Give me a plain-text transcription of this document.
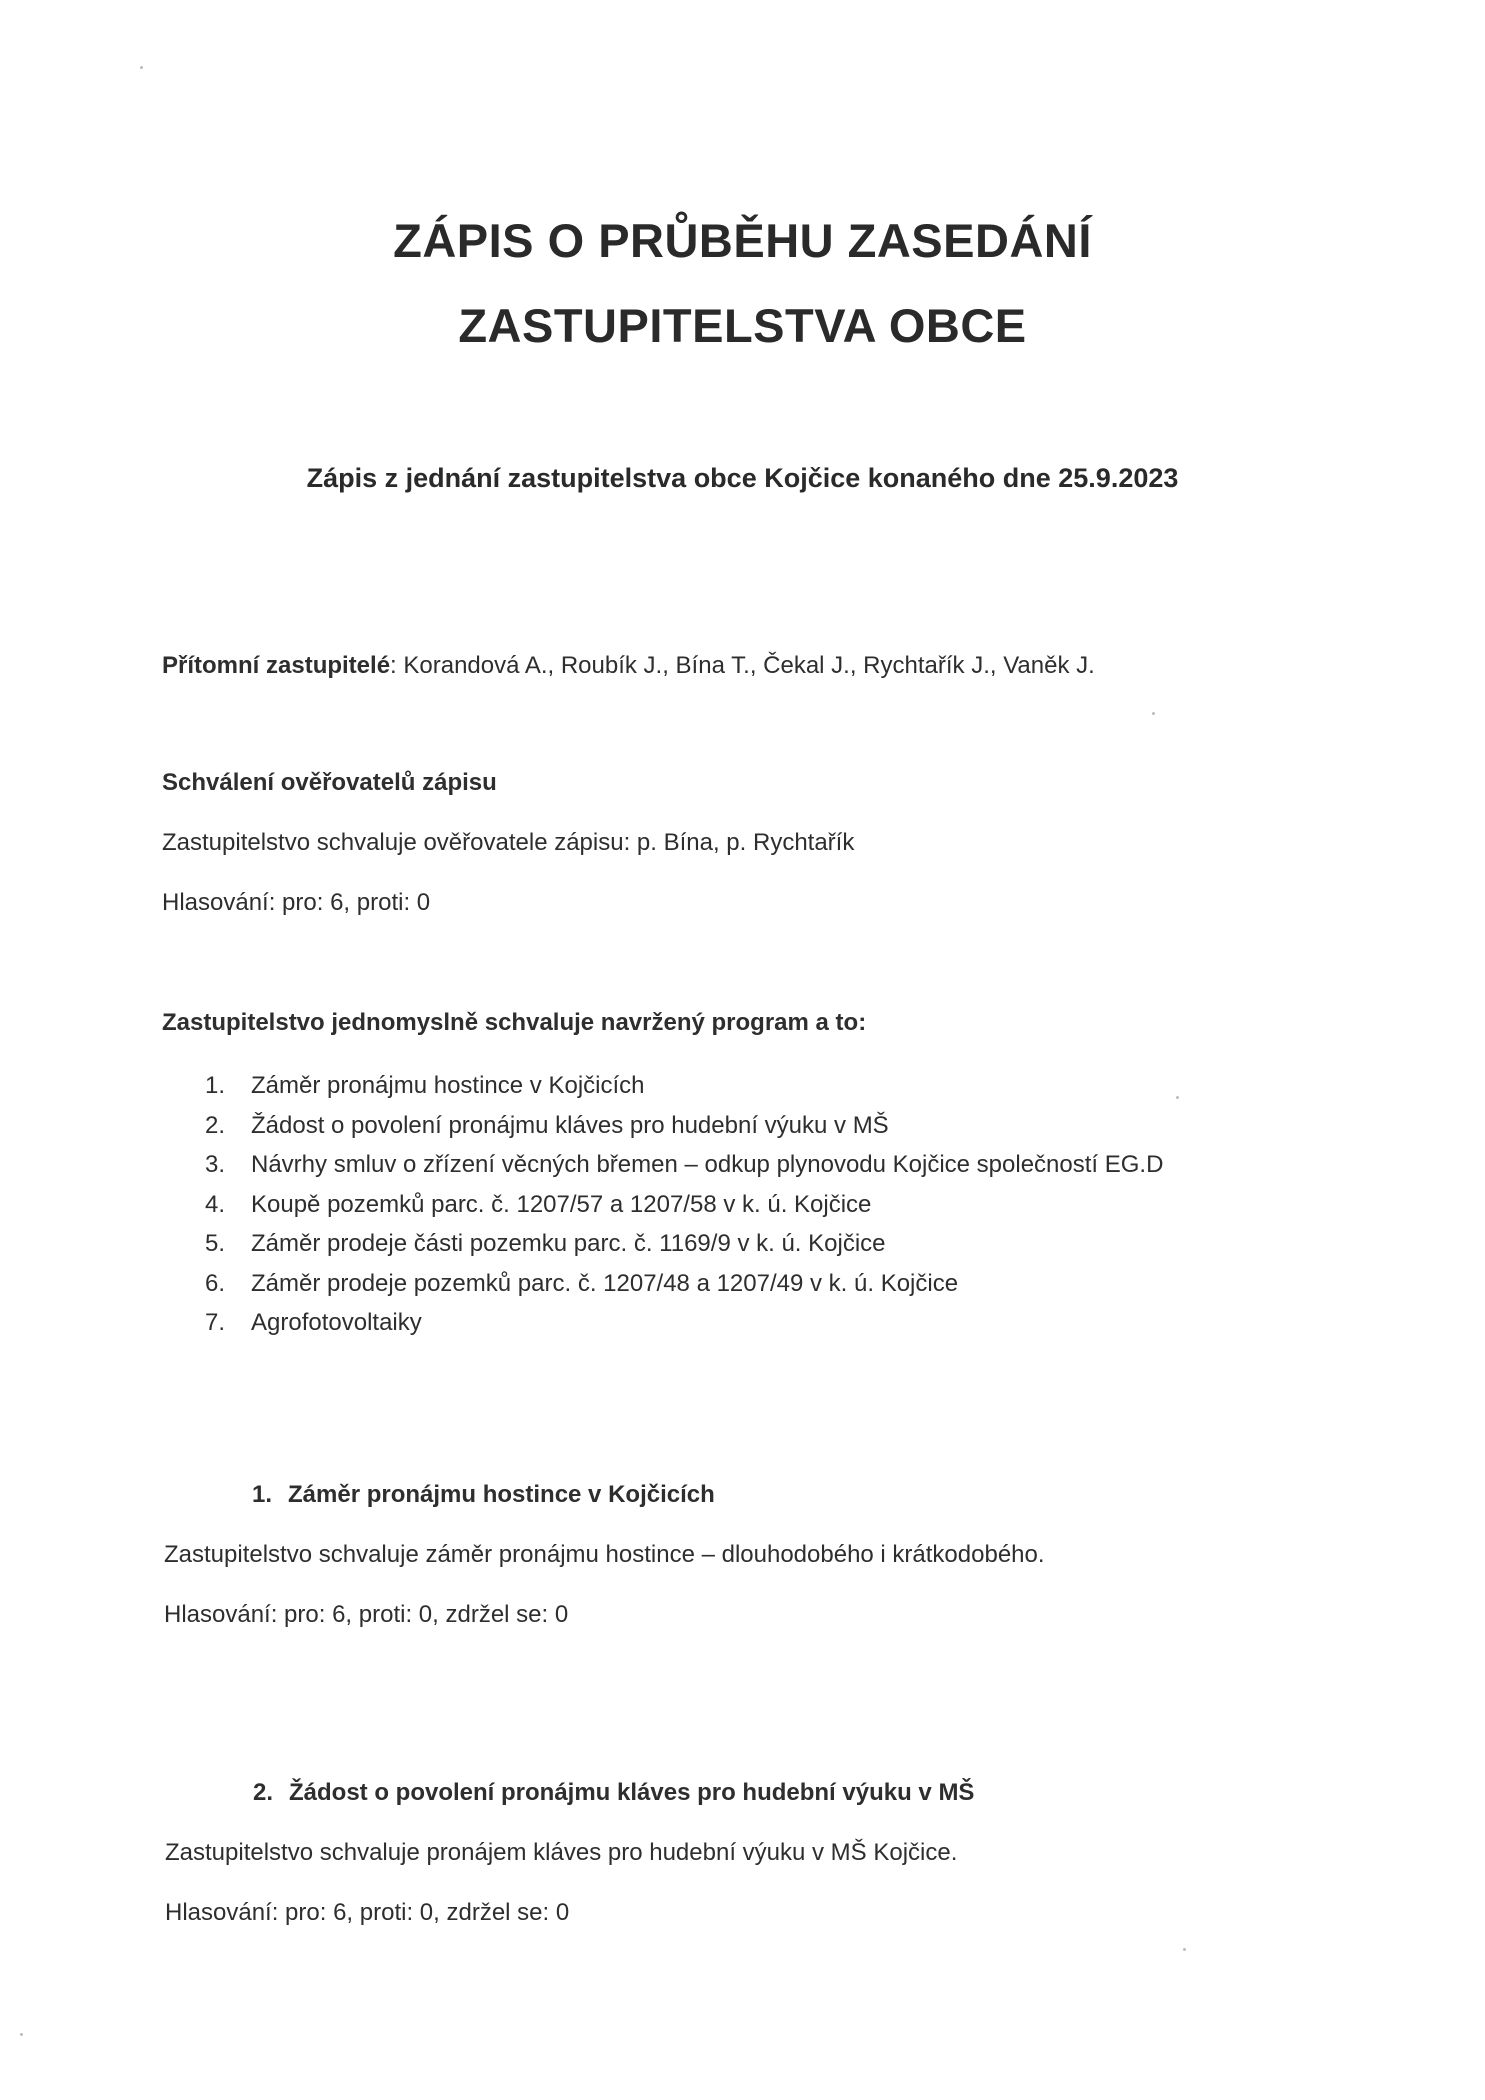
ZÁPIS O PRŮBĚHU ZASEDÁNÍ
ZASTUPITELSTVA OBCE
Zápis z jednání zastupitelstva obce Kojčice konaného dne 25.9.2023

Přítomní zastupitelé: Korandová A., Roubík J., Bína T., Čekal J., Rychtařík J., Vaněk J.

Schválení ověřovatelů zápisu

Zastupitelstvo schvaluje ověřovatele zápisu: p. Bína, p. Rychtařík

Hlasování: pro: 6, proti: 0

Zastupitelstvo jednomyslně schvaluje navržený program a to:

1. Záměr pronájmu hostince v Kojčicích
2. Žádost o povolení pronájmu kláves pro hudební výuku v MŠ
3. Návrhy smluv o zřízení věcných břemen – odkup plynovodu Kojčice společností EG.D
4. Koupě pozemků parc. č. 1207/57 a 1207/58 v k. ú. Kojčice
5. Záměr prodeje části pozemku parc. č. 1169/9 v k. ú. Kojčice
6. Záměr prodeje pozemků parc. č. 1207/48 a 1207/49 v k. ú. Kojčice
7. Agrofotovoltaiky

1. Záměr pronájmu hostince v Kojčicích

Zastupitelstvo schvaluje záměr pronájmu hostince – dlouhodobého i krátkodobého.

Hlasování: pro: 6, proti: 0, zdržel se: 0

2. Žádost o povolení pronájmu kláves pro hudební výuku v MŠ

Zastupitelstvo schvaluje pronájem kláves pro hudební výuku v MŠ Kojčice.

Hlasování: pro: 6, proti: 0, zdržel se: 0
